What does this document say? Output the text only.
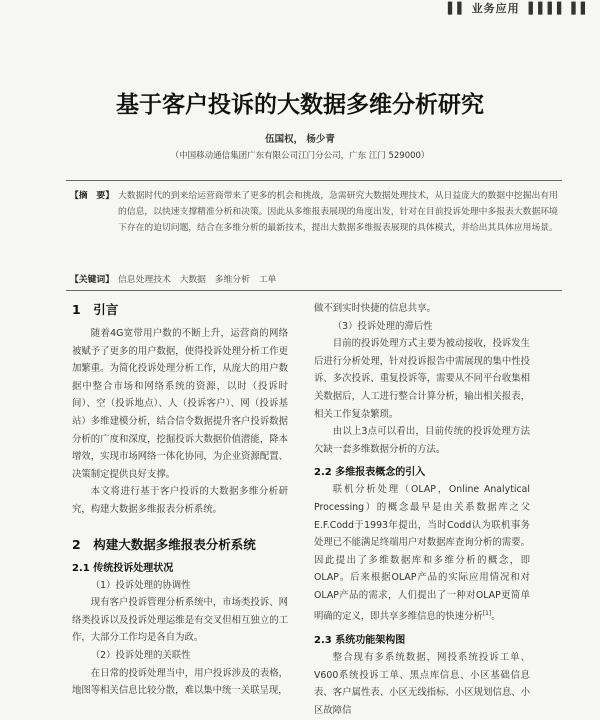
▌▌ 业务应用 ▐▐▐▐ ▐▐
基于客户投诉的大数据多维分析研究
伍国权， 杨少青
（中国移动通信集团广东有限公司江门分公司，广东 江门 529000）
【摘　要】 大数据时代的到来给运营商带来了更多的机会和挑战，急需研究大数据处理技术，从日益庞大的数据中挖掘出有用的信息，以快速支撑精准分析和决策。因此从多维报表展现的角度出发，针对在目前投诉处理中多报表大数据环境下存在的迫切问题，结合在多维分析的最新技术，提出大数据多维报表展现的具体模式，并给出其具体应用场景。
【关键词】 信息处理技术　大数据　多维分析　工单
1　引言
随着4G宽带用户数的不断上升，运营商的网络被赋予了更多的用户数据，使得投诉处理分析工作更加繁重。为简化投诉处理分析工作，从庞大的用户数据中整合市场和网络系统的资源，以时（投诉时间）、空（投诉地点）、人（投诉客户）、网（投诉基站）多维建模分析，结合信令数据提升客户投诉数据分析的广度和深度，挖掘投诉大数据价值潜能，降本增效，实现市场网络一体化协同，为企业资源配置、决策制定提供良好支撑。
本文将进行基于客户投诉的大数据多维分析研究，构建大数据多维报表分析系统。
2　构建大数据多维报表分析系统
2.1 传统投诉处理状况
（1）投诉处理的协调性
现有客户投诉管理分析系统中，市场类投诉、网络类投诉以及投诉处理运维是有交叉但相互独立的工作，大部分工作均是各自为政。
（2）投诉处理的关联性
在日常的投诉处理当中，用户投诉涉及的表格，地图等相关信息比较分散，难以集中统一关联呈现，
做不到实时快捷的信息共享。
（3）投诉处理的滞后性
目前的投诉处理方式主要为被动接收，投诉发生后进行分析处理，针对投诉报告中需展现的集中性投诉、多次投诉、重复投诉等，需要从不同平台收集相关数据后，人工进行整合计算分析，输出相关报表，相关工作复杂繁琐。
由以上3点可以看出，目前传统的投诉处理方法欠缺一套多维数据分析的方法。
2.2 多维报表概念的引入
联机分析处理（OLAP，Online Analytical Processing）的概念最早是由关系数据库之父E.F.Codd于1993年提出，当时Codd认为联机事务处理已不能满足终端用户对数据库查询分析的需要。因此提出了多维数据库和多维分析的概念，即OLAP。后来根据OLAP产品的实际应用情况和对OLAP产品的需求，人们提出了一种对OLAP更简单明确的定义，即共享多维信息的快速分析[1]。
2.3 系统功能架构图
整合现有多系统数据，网投系统投诉工单、V600系统投诉工单、黑点库信息、小区基础信息表、客户属性表、小区无线指标、小区规划信息、小区故障信
